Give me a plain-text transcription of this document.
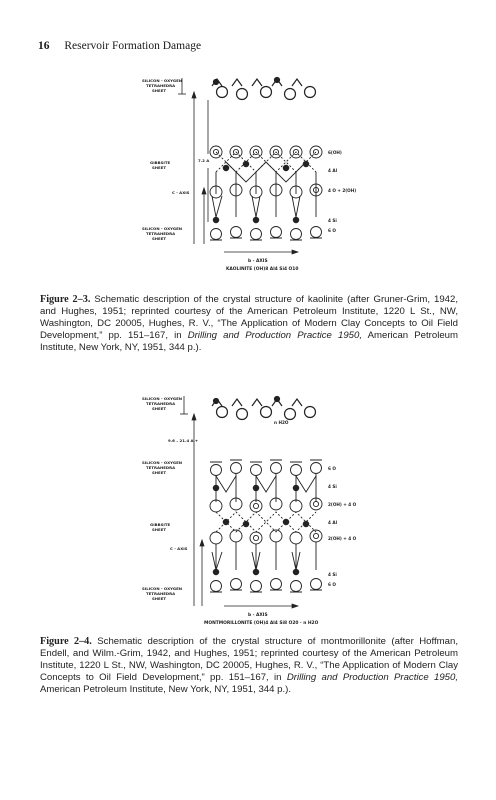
16 Reservoir Formation Damage
SILICON - OXYGEN
TETRAHEDRA
SHEET
GIBBSITE
SHEET
C - AXIS
SILICON - OXYGEN
TETRAHEDRA
SHEET
7.2 A
6(OH)
4 Al
4 O + 2(OH)
4 Si
6 O
b - AXIS
KAOLINITE (OH)8 Al4 Si4 O10
Figure 2–3. Schematic description of the crystal structure of kaolinite (after Gruner-Grim, 1942, and Hughes, 1951; reprinted courtesy of the American Petroleum Institute, 1220 L St., NW, Washington, DC 20005, Hughes, R. V., “The Application of Modern Clay Concepts to Oil Field Development,” pp. 151–167, in Drilling and Production Practice 1950, American Petroleum Institute, New York, NY, 1951, 344 p.).
SILICON - OXYGEN
TETRAHEDRA
SHEET
9.6 – 21.4 A +
SILICON - OXYGEN
TETRAHEDRA
SHEET
GIBBSITE
SHEET
C - AXIS
SILICON - OXYGEN
TETRAHEDRA
SHEET
n H2O
6 O
4 Si
2(OH) + 4 O
4 Al
2(OH) + 4 O
4 Si
6 O
b - AXIS
MONTMORILLONITE (OH)4 Al4 Si8 O20 · n H2O
Figure 2–4. Schematic description of the crystal structure of montmorillonite (after Hoffman, Endell, and Wilm.-Grim, 1942, and Hughes, 1951; reprinted courtesy of the American Petroleum Institute, 1220 L St., NW, Washington, DC 20005, Hughes, R. V., “The Application of Modern Clay Concepts to Oil Field Development,” pp. 151–167, in Drilling and Production Practice 1950, American Petroleum Institute, New York, NY, 1951, 344 p.).
